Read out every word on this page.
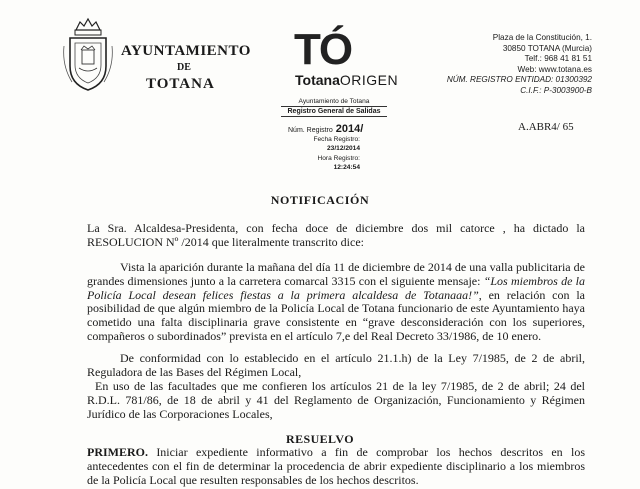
AYUNTAMIENTO
DE
TOTANA
TÓ
TotanaORIGEN
Plaza de la Constitución, 1.
30850 TOTANA (Murcia)
Telf.: 968 41 81 51
Web: www.totana.es
NÚM. REGISTRO ENTIDAD: 01300392
C.I.F.: P-3003900-B
Ayuntamiento de Totana
Registro General de Salidas
Núm. Registro 2014/
Fecha Registro:
23/12/2014
Hora Registro:
12:24:54
A.ABR4/ 65
NOTIFICACIÓN
La Sra. Alcaldesa-Presidenta, con fecha doce de diciembre dos mil catorce , ha dictado la RESOLUCION Nº /2014 que literalmente transcrito dice:
Vista la aparición durante la mañana del día 11 de diciembre de 2014 de una valla publicitaria de grandes dimensiones junto a la carretera comarcal 3315 con el siguiente mensaje: “Los miembros de la Policía Local desean felices fiestas a la primera alcaldesa de Totanaaa!”, en relación con la posibilidad de que algún miembro de la Policía Local de Totana funcionario de este Ayuntamiento haya cometido una falta disciplinaria grave consistente en “grave desconsideración con los superiores, compañeros o subordinados” prevista en el artículo 7,e del Real Decreto 33/1986, de 10 enero.
De conformidad con lo establecido en el artículo 21.1.h) de la Ley 7/1985, de 2 de abril, Reguladora de las Bases del Régimen Local,
En uso de las facultades que me confieren los artículos 21 de la ley 7/1985, de 2 de abril; 24 del R.D.L. 781/86, de 18 de abril y 41 del Reglamento de Organización, Funcionamiento y Régimen Jurídico de las Corporaciones Locales,
RESUELVO
PRIMERO. Iniciar expediente informativo a fin de comprobar los hechos descritos en los antecedentes con el fin de determinar la procedencia de abrir expediente disciplinario a los miembros de la Policía Local que resulten responsables de los hechos descritos.
